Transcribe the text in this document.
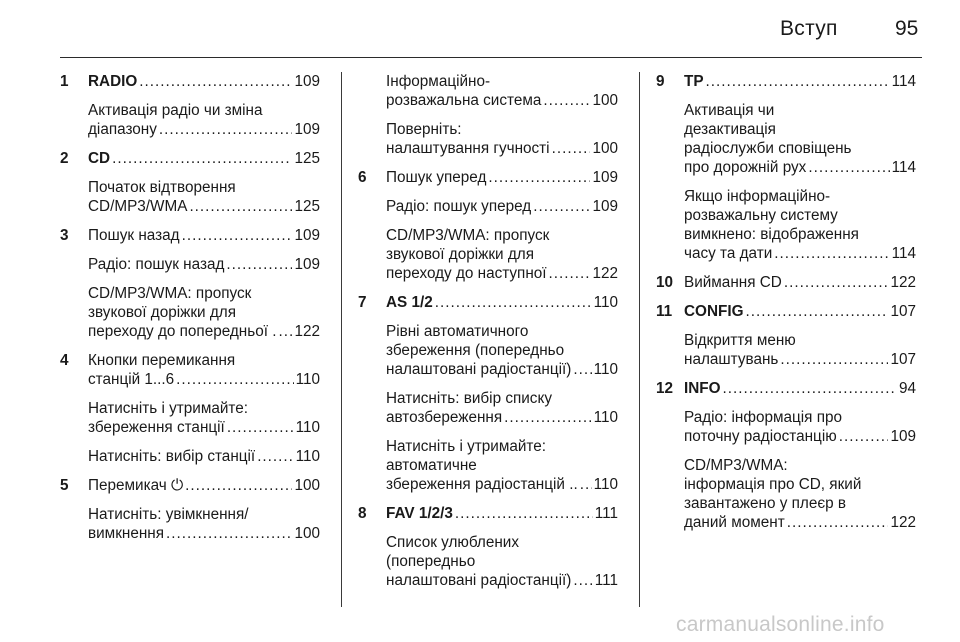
Вступ	95
1 RADIO .....	109
Активація радіо чи зміна
діапазону .....	109
2 CD .....	125
Початок відтворення
CD/MP3/WMA .....	125
3 Пошук назад .....	109
Радіо: пошук назад .....	109
CD/MP3/WMA: пропуск
звукової доріжки для
переходу до попередньої . ..... 122
4 Кнопки перемикання
станцій 1...6 .....	110
Натисніть і утримайте:
збереження станції .....	110
Натисніть: вибір станції .....	110
5 Перемикач ⏻ .....	100
Натисніть: увімкнення/
вимкнення .....	100
Інформаційно-
розважальна система .....	100
Поверніть:
налаштування гучності .....	100
6 Пошук уперед .....	109
Радіо: пошук уперед .....	109
CD/MP3/WMA: пропуск
звукової доріжки для
переходу до наступної .....	122
7 AS 1/2 .....	110
Рівні автоматичного
збереження (попередньо
налаштовані радіостанції) ..... 110
Натисніть: вибір списку
автозбереження .....	110
Натисніть і утримайте:
автоматичне
збереження радіостанцій .. ..... 110
8 FAV 1/2/3 .....	111
Список улюблених
(попередньо
налаштовані радіостанції) ..... 111
9 TP .....	114
Активація чи
дезактивація
радіослужби сповіщень
про дорожній рух .....	114
Якщо інформаційно-
розважальну систему
вимкнено: відображення
часу та дати .....	114
10 Виймання CD .....	122
11 CONFIG .....	107
Відкриття меню
налаштувань .....	107
12 INFO .....	94
Радіо: інформація про
поточну радіостанцію .....	109
CD/MP3/WMA:
інформація про CD, який
завантажено у плеєр в
даний момент .....	122
carmanualsonline.info
